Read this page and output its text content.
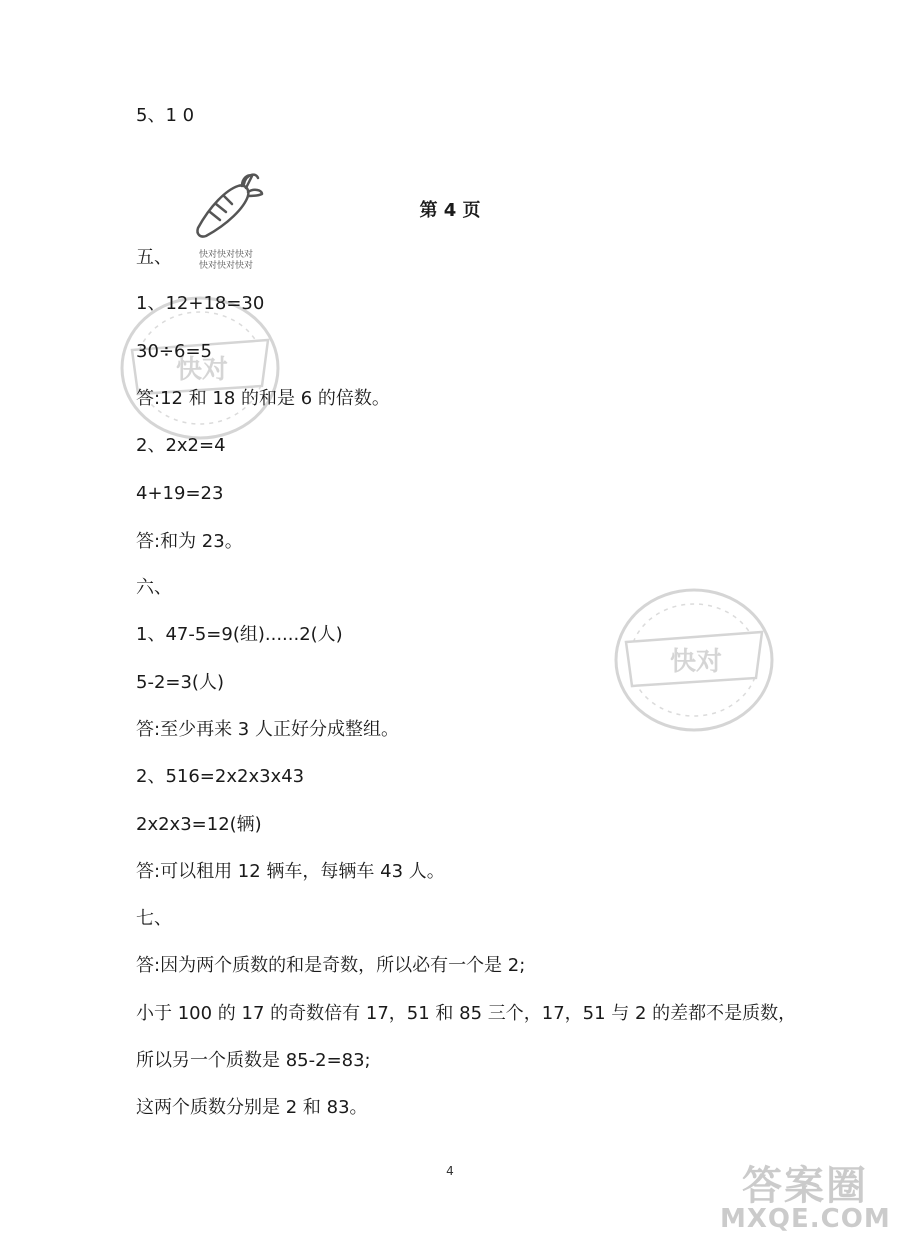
快对快对快对
快对快对快对
快对
快对
第 4 页
5、1 0
五、
1、12+18=30
30÷6=5
答:12 和 18 的和是 6 的倍数。
2、2x2=4
4+19=23
答:和为 23。
六、
1、47-5=9(组)......2(人)
5-2=3(人)
答:至少再来 3 人正好分成整组。
2、516=2x2x3x43
2x2x3=12(辆)
答:可以租用 12 辆车，每辆车 43 人。
七、
答:因为两个质数的和是奇数，所以必有一个是 2;
小于 100 的 17 的奇数倍有 17，51 和 85 三个，17，51 与 2 的差都不是质数，
所以另一个质数是 85-2=83;
这两个质数分别是 2 和 83。
4	答案圈
MXQE.COM
